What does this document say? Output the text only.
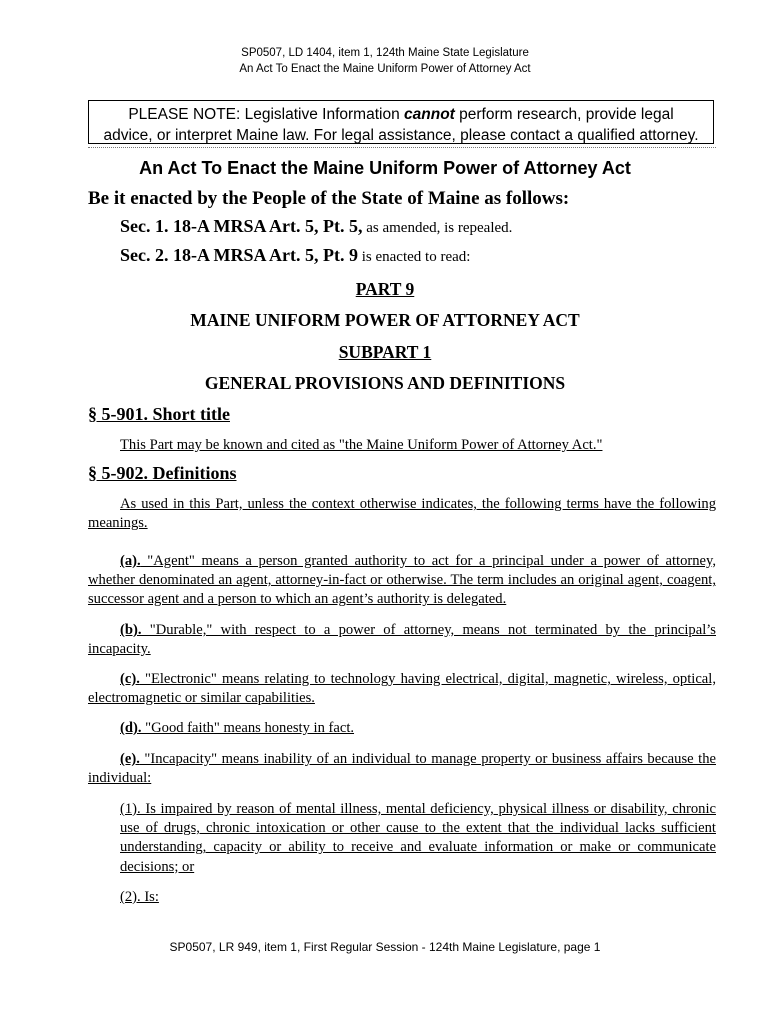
SP0507, LD 1404, item 1, 124th Maine State Legislature
An Act To Enact the Maine Uniform Power of Attorney Act
PLEASE NOTE: Legislative Information cannot perform research, provide legal
advice, or interpret Maine law. For legal assistance, please contact a qualified attorney.
An Act To Enact the Maine Uniform Power of Attorney Act
Be it enacted by the People of the State of Maine as follows:
Sec. 1. 18-A MRSA Art. 5, Pt. 5, as amended, is repealed.
Sec. 2. 18-A MRSA Art. 5, Pt. 9 is enacted to read:
PART 9
MAINE UNIFORM POWER OF ATTORNEY ACT
SUBPART 1
GENERAL PROVISIONS AND DEFINITIONS
§ 5-901. Short title
This Part may be known and cited as "the Maine Uniform Power of Attorney Act."
§ 5-902. Definitions
As used in this Part, unless the context otherwise indicates, the following terms have the following meanings.
(a). "Agent" means a person granted authority to act for a principal under a power of attorney, whether denominated an agent, attorney-in-fact or otherwise. The term includes an original agent, coagent, successor agent and a person to which an agent’s authority is delegated.
(b). "Durable," with respect to a power of attorney, means not terminated by the principal’s incapacity.
(c). "Electronic" means relating to technology having electrical, digital, magnetic, wireless, optical, electromagnetic or similar capabilities.
(d). "Good faith" means honesty in fact.
(e). "Incapacity" means inability of an individual to manage property or business affairs because the individual:
(1). Is impaired by reason of mental illness, mental deficiency, physical illness or disability, chronic use of drugs, chronic intoxication or other cause to the extent that the individual lacks sufficient understanding, capacity or ability to receive and evaluate information or make or communicate decisions; or
(2). Is:
SP0507, LR 949, item 1, First Regular Session - 124th Maine Legislature, page 1
